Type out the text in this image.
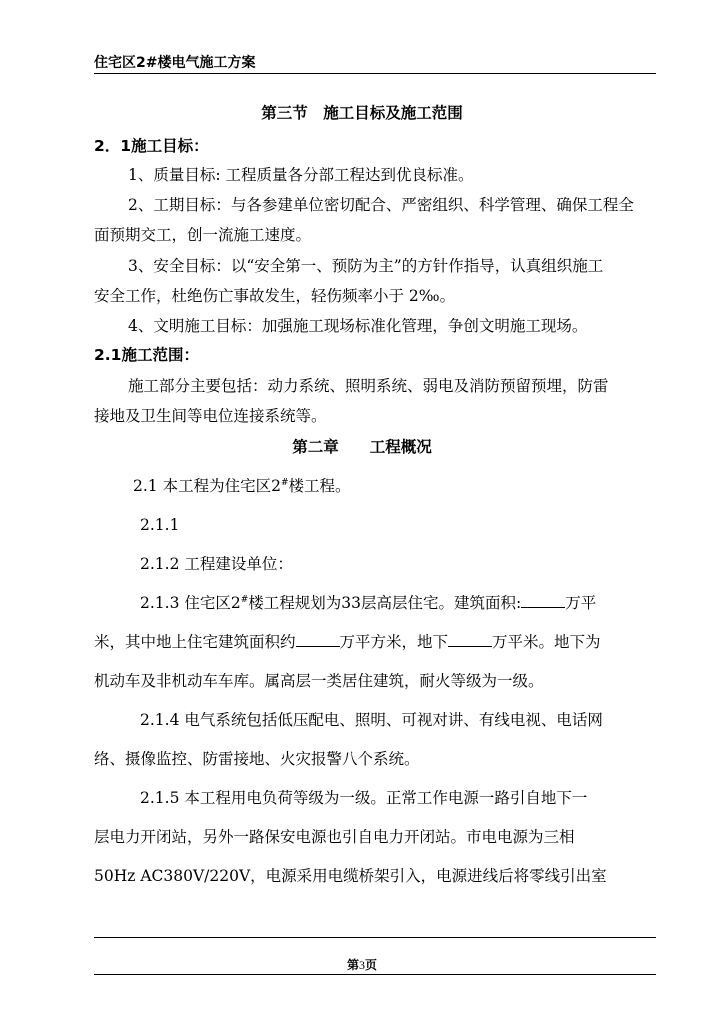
住宅区2#楼电气施工方案
第三节　施工目标及施工范围
2．1施工目标：
1、质量目标: 工程质量各分部工程达到优良标准。
2、工期目标：与各参建单位密切配合、严密组织、科学管理、确保工程全
面预期交工，创一流施工速度。
3、安全目标：以“安全第一、预防为主”的方针作指导，认真组织施工
安全工作，杜绝伤亡事故发生，轻伤频率小于 2‰。
4、文明施工目标：加强施工现场标准化管理，争创文明施工现场。
2.1施工范围：
施工部分主要包括：动力系统、照明系统、弱电及消防预留预埋，防雷
接地及卫生间等电位连接系统等。
第二章　　工程概况
2.1 本工程为住宅区2#楼工程。
2.1.1
2.1.2 工程建设单位：
2.1.3 住宅区2#楼工程规划为33层高层住宅。建筑面积:	万平
米，其中地上住宅建筑面积约	万平方米，地下	万平米。地下为
机动车及非机动车车库。属高层一类居住建筑，耐火等级为一级。
2.1.4 电气系统包括低压配电、照明、可视对讲、有线电视、电话网
络、摄像监控、防雷接地、火灾报警八个系统。
2.1.5 本工程用电负荷等级为一级。正常工作电源一路引自地下一
层电力开闭站，另外一路保安电源也引自电力开闭站。市电电源为三相
50Hz AC380V/220V，电源采用电缆桥架引入，电源进线后将零线引出室
第3页
